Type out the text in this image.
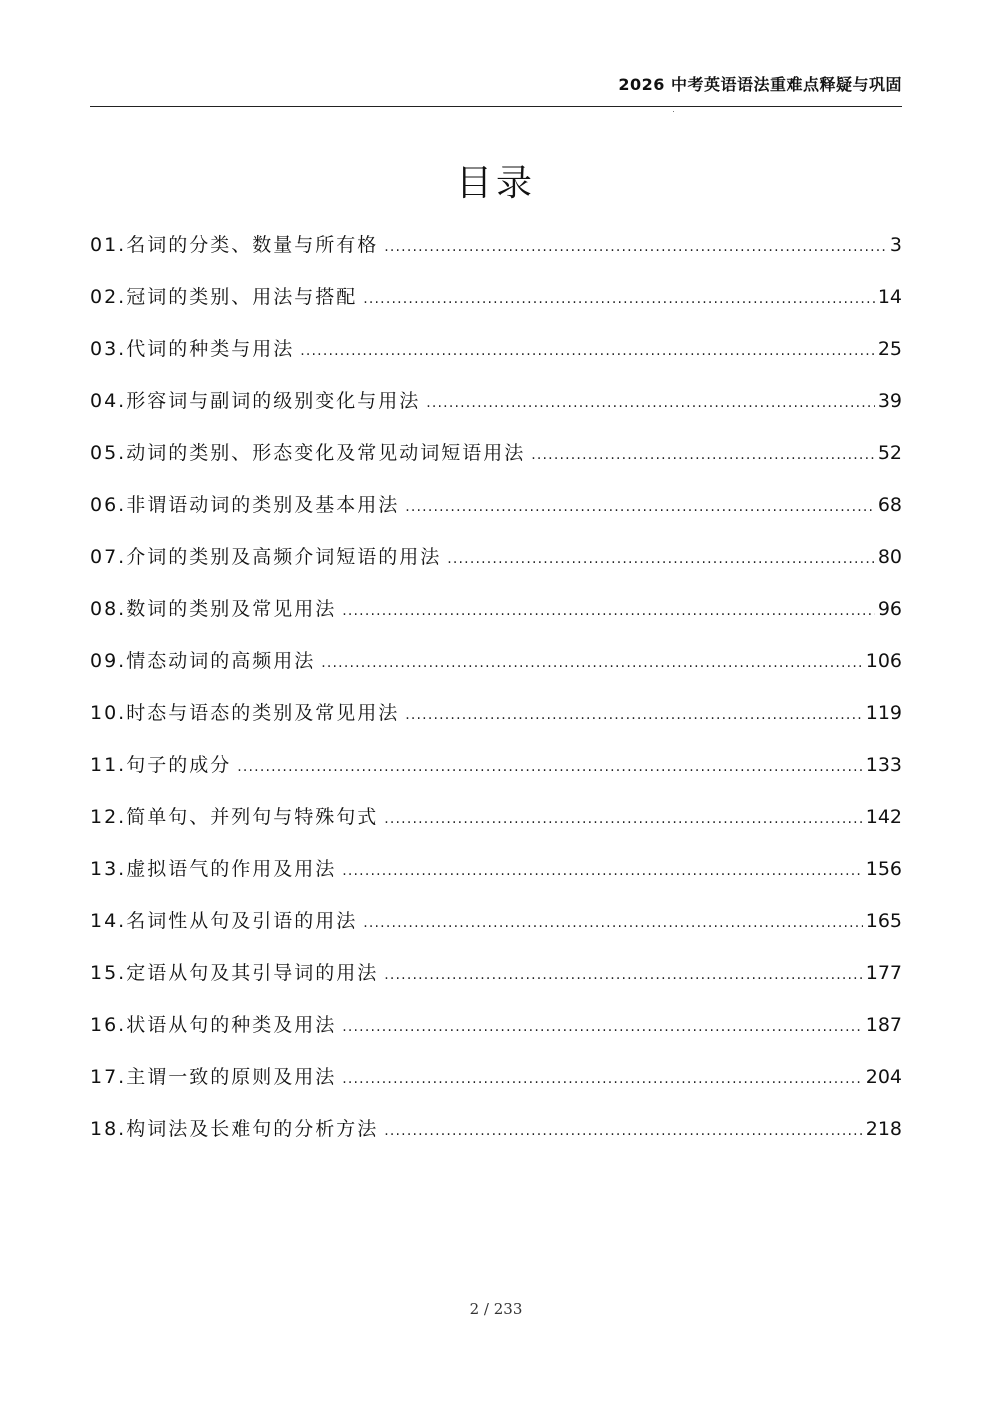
2026 中考英语语法重难点释疑与巩固
目录
01.名词的分类、数量与所有格 .....	3
02.冠词的类别、用法与搭配 .....	14
03.代词的种类与用法 .....	25
04.形容词与副词的级别变化与用法 .....	39
05.动词的类别、形态变化及常见动词短语用法 .....	52
06.非谓语动词的类别及基本用法 .....	68
07.介词的类别及高频介词短语的用法 .....	80
08.数词的类别及常见用法 .....	96
09.情态动词的高频用法 .....	106
10.时态与语态的类别及常见用法 .....	119
11.句子的成分 .....	133
12.简单句、并列句与特殊句式 .....	142
13.虚拟语气的作用及用法 .....	156
14.名词性从句及引语的用法 .....	165
15.定语从句及其引导词的用法 .....	177
16.状语从句的种类及用法 .....	187
17.主谓一致的原则及用法 .....	204
18.构词法及长难句的分析方法 .....	218
2 / 233
